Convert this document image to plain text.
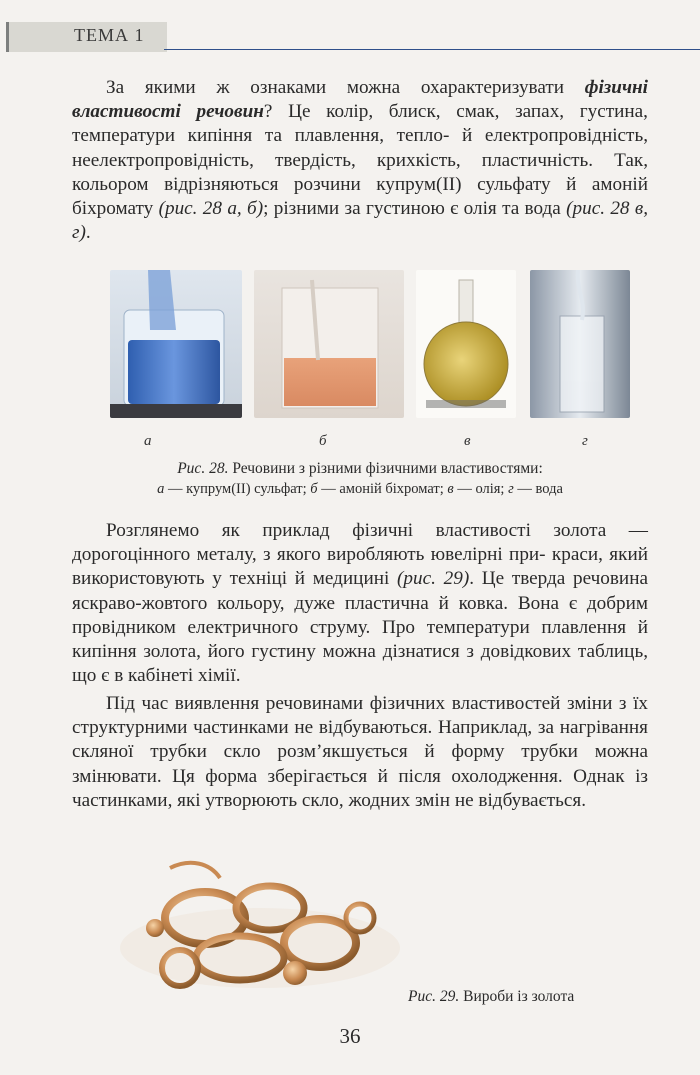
ТЕМА 1

За якими ж ознаками можна охарактеризувати фізичні властивості речовин? Це колір, блиск, смак, запах, густина, температури кипіння та плавлення, тепло- й електропровідність, неелектропровідність, твердість, крихкість, пластичність. Так, кольором відрізняються розчини купрум(II) сульфату й амоній біхромату (рис. 28 а, б); різними за густиною є олія та вода (рис. 28 в, г).

а	б	в	г
Рис. 28. Речовини з різними фізичними властивостями:
а — купрум(II) сульфат; б — амоній біхромат; в — олія; г — вода

Розглянемо як приклад фізичні властивості золота — дорогоцінного металу, з якого виробляють ювелірні при- краси, який використовують у техніці й медицині (рис. 29). Це тверда речовина яскраво-жовтого кольору, дуже пластична й ковка. Вона є добрим провідником електричного струму. Про температури плавлення й кипіння золота, його густину можна дізнатися з довідкових таблиць, що є в кабінеті хімії.

Під час виявлення речовинами фізичних властивостей зміни з їх структурними частинками не відбуваються. Наприклад, за нагрівання скляної трубки скло розм’якшується й форму трубки можна змінювати. Ця форма зберігається й після охолодження. Однак із частинками, які утворюють скло, жодних змін не відбувається.

Рис. 29. Вироби із золота
36
